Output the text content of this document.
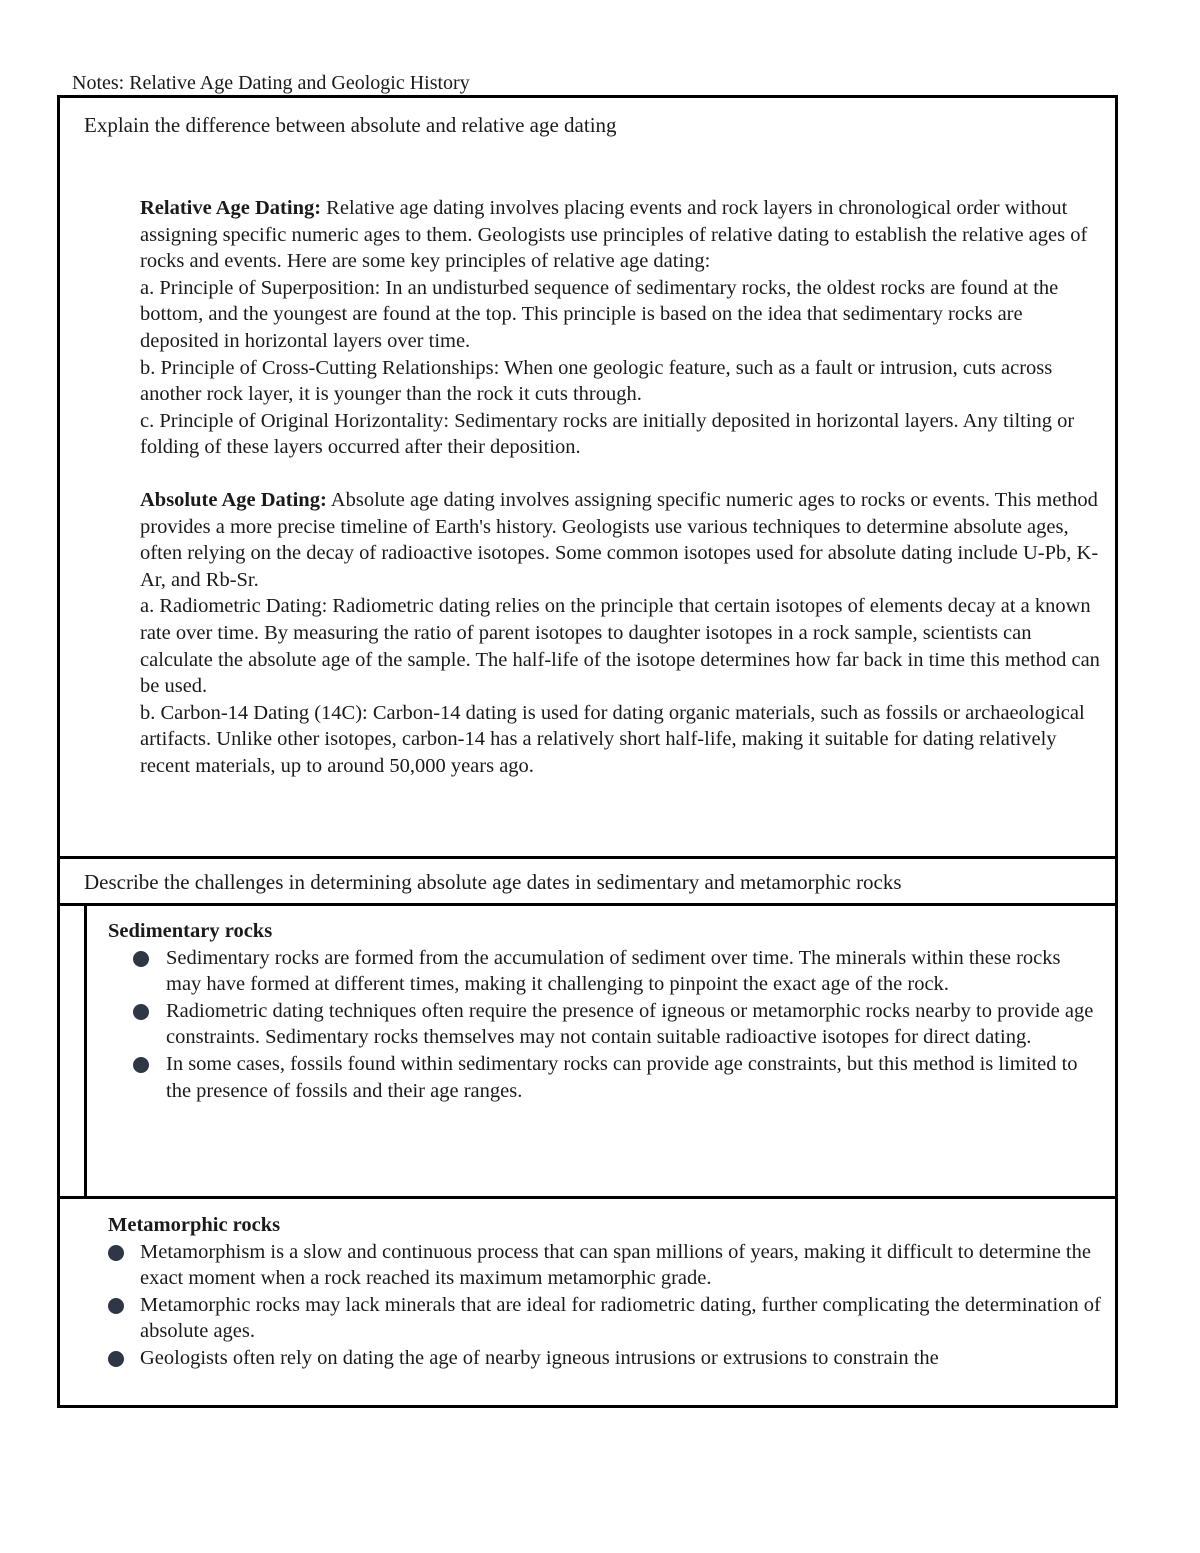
Notes: Relative Age Dating and Geologic History
Explain the difference between absolute and relative age dating

Relative Age Dating: Relative age dating involves placing events and rock layers in chronological order without assigning specific numeric ages to them. Geologists use principles of relative dating to establish the relative ages of rocks and events. Here are some key principles of relative age dating:

a. Principle of Superposition: In an undisturbed sequence of sedimentary rocks, the oldest rocks are found at the bottom, and the youngest are found at the top. This principle is based on the idea that sedimentary rocks are deposited in horizontal layers over time.

b. Principle of Cross-Cutting Relationships: When one geologic feature, such as a fault or intrusion, cuts across another rock layer, it is younger than the rock it cuts through.

c. Principle of Original Horizontality: Sedimentary rocks are initially deposited in horizontal layers. Any tilting or folding of these layers occurred after their deposition.

Absolute Age Dating: Absolute age dating involves assigning specific numeric ages to rocks or events. This method provides a more precise timeline of Earth's history. Geologists use various techniques to determine absolute ages, often relying on the decay of radioactive isotopes. Some common isotopes used for absolute dating include U-Pb, K-Ar, and Rb-Sr.

a. Radiometric Dating: Radiometric dating relies on the principle that certain isotopes of elements decay at a known rate over time. By measuring the ratio of parent isotopes to daughter isotopes in a rock sample, scientists can calculate the absolute age of the sample. The half-life of the isotope determines how far back in time this method can be used.

b. Carbon-14 Dating (14C): Carbon-14 dating is used for dating organic materials, such as fossils or archaeological artifacts. Unlike other isotopes, carbon-14 has a relatively short half-life, making it suitable for dating relatively recent materials, up to around 50,000 years ago.

Describe the challenges in determining absolute age dates in sedimentary and metamorphic rocks

Sedimentary rocks

Sedimentary rocks are formed from the accumulation of sediment over time. The minerals within these rocks may have formed at different times, making it challenging to pinpoint the exact age of the rock.
Radiometric dating techniques often require the presence of igneous or metamorphic rocks nearby to provide age constraints. Sedimentary rocks themselves may not contain suitable radioactive isotopes for direct dating.
In some cases, fossils found within sedimentary rocks can provide age constraints, but this method is limited to the presence of fossils and their age ranges.

Metamorphic rocks

Metamorphism is a slow and continuous process that can span millions of years, making it difficult to determine the exact moment when a rock reached its maximum metamorphic grade.
Metamorphic rocks may lack minerals that are ideal for radiometric dating, further complicating the determination of absolute ages.
Geologists often rely on dating the age of nearby igneous intrusions or extrusions to constrain the
